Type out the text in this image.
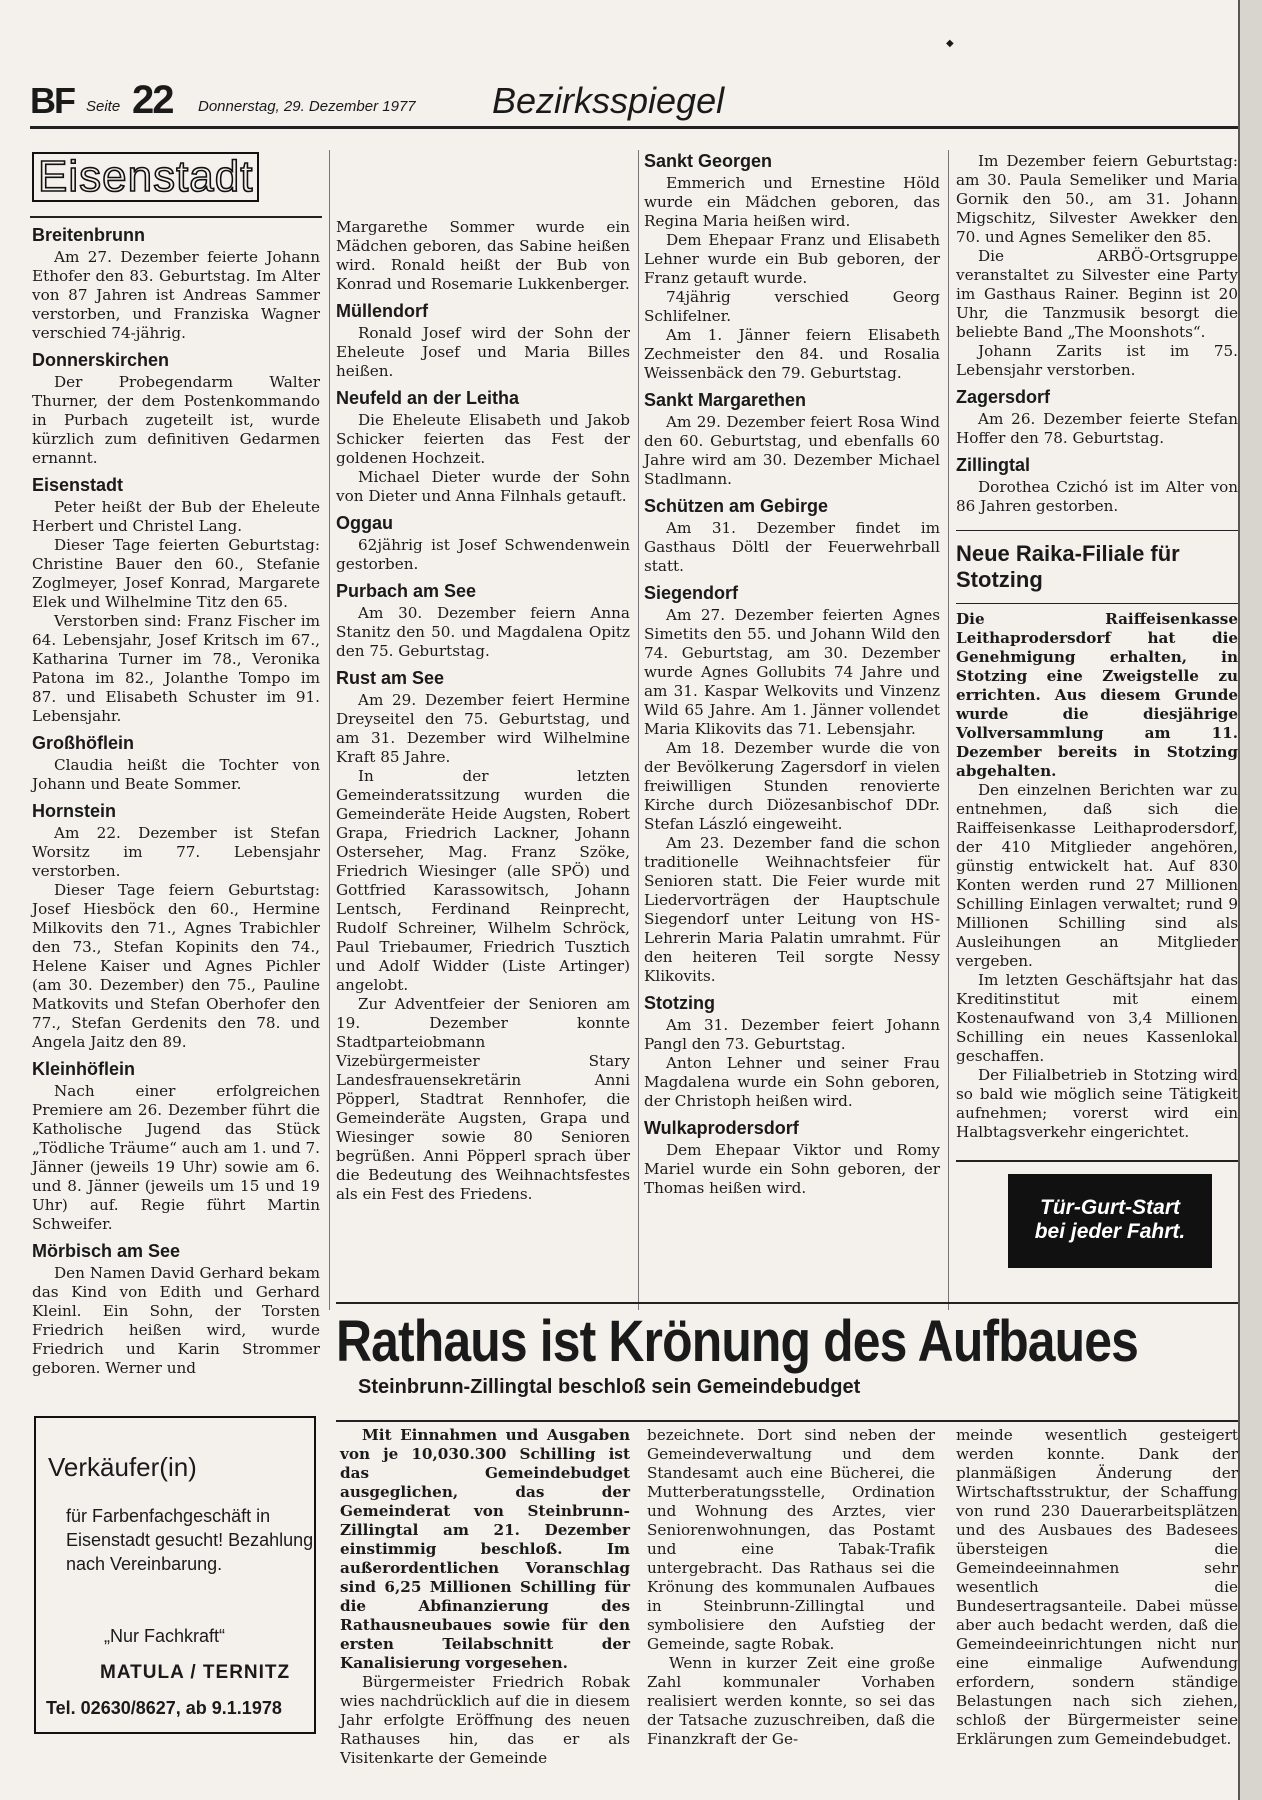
BF Seite 22 Donnerstag, 29. Dezember 1977 Bezirksspiegel
◆
Eisenstadt
Breitenbrunn

Am 27. Dezember feierte Johann Ethofer den 83. Geburtstag. Im Alter von 87 Jahren ist Andreas Sammer verstorben, und Franziska Wagner verschied 74-jährig.

Donnerskirchen

Der Probegendarm Walter Thurner, der dem Postenkommando in Purbach zugeteilt ist, wurde kürzlich zum definitiven Gedarmen ernannt.

Eisenstadt

Peter heißt der Bub der Eheleute Herbert und Christel Lang.

Dieser Tage feierten Geburtstag: Christine Bauer den 60., Stefanie Zoglmeyer, Josef Konrad, Margarete Elek und Wilhelmine Titz den 65.

Verstorben sind: Franz Fischer im 64. Lebensjahr, Josef Kritsch im 67., Katharina Turner im 78., Veronika Patona im 82., Jolanthe Tompo im 87. und Elisabeth Schuster im 91. Lebensjahr.

Großhöflein

Claudia heißt die Tochter von Johann und Beate Sommer.

Hornstein

Am 22. Dezember ist Stefan Worsitz im 77. Lebensjahr verstorben.

Dieser Tage feiern Geburtstag: Josef Hiesböck den 60., Hermine Milkovits den 71., Agnes Trabichler den 73., Stefan Kopinits den 74., Helene Kaiser und Agnes Pichler (am 30. Dezember) den 75., Pauline Matkovits und Stefan Oberhofer den 77., Stefan Gerdenits den 78. und Angela Jaitz den 89.

Kleinhöflein

Nach einer erfolgreichen Premiere am 26. Dezember führt die Katholische Jugend das Stück „Tödliche Träume“ auch am 1. und 7. Jänner (jeweils 19 Uhr) sowie am 6. und 8. Jänner (jeweils um 15 und 19 Uhr) auf. Regie führt Martin Schweifer.

Mörbisch am See

Den Namen David Gerhard bekam das Kind von Edith und Gerhard Kleinl. Ein Sohn, der Torsten Friedrich heißen wird, wurde Friedrich und Karin Strommer geboren. Werner und

Margarethe Sommer wurde ein Mädchen geboren, das Sabine heißen wird. Ronald heißt der Bub von Konrad und Rosemarie Lukkenberger.

Müllendorf

Ronald Josef wird der Sohn der Eheleute Josef und Maria Billes heißen.

Neufeld an der Leitha

Die Eheleute Elisabeth und Jakob Schicker feierten das Fest der goldenen Hochzeit.

Michael Dieter wurde der Sohn von Dieter und Anna Filnhals getauft.

Oggau

62jährig ist Josef Schwendenwein gestorben.

Purbach am See

Am 30. Dezember feiern Anna Stanitz den 50. und Magdalena Opitz den 75. Geburtstag.

Rust am See

Am 29. Dezember feiert Hermine Dreyseitel den 75. Geburtstag, und am 31. Dezember wird Wilhelmine Kraft 85 Jahre.

In der letzten Gemeinderatssitzung wurden die Gemeinderäte Heide Augsten, Robert Grapa, Friedrich Lackner, Johann Osterseher, Mag. Franz Szöke, Friedrich Wiesinger (alle SPÖ) und Gottfried Karassowitsch, Johann Lentsch, Ferdinand Reinprecht, Rudolf Schreiner, Wilhelm Schröck, Paul Triebaumer, Friedrich Tusztich und Adolf Widder (Liste Artinger) angelobt.

Zur Adventfeier der Senioren am 19. Dezember konnte Stadtparteiobmann Vizebürgermeister Stary Landesfrauensekretärin Anni Pöpperl, Stadtrat Rennhofer, die Gemeinderäte Augsten, Grapa und Wiesinger sowie 80 Senioren begrüßen. Anni Pöpperl sprach über die Bedeutung des Weihnachtsfestes als ein Fest des Friedens.

Sankt Georgen

Emmerich und Ernestine Höld wurde ein Mädchen geboren, das Regina Maria heißen wird.

Dem Ehepaar Franz und Elisabeth Lehner wurde ein Bub geboren, der Franz getauft wurde.

74jährig verschied Georg Schlifelner.

Am 1. Jänner feiern Elisabeth Zechmeister den 84. und Rosalia Weissenbäck den 79. Geburtstag.

Sankt Margarethen

Am 29. Dezember feiert Rosa Wind den 60. Geburtstag, und ebenfalls 60 Jahre wird am 30. Dezember Michael Stadlmann.

Schützen am Gebirge

Am 31. Dezember findet im Gasthaus Döltl der Feuerwehrball statt.

Siegendorf

Am 27. Dezember feierten Agnes Simetits den 55. und Johann Wild den 74. Geburtstag, am 30. Dezember wurde Agnes Gollubits 74 Jahre und am 31. Kaspar Welkovits und Vinzenz Wild 65 Jahre. Am 1. Jänner vollendet Maria Klikovits das 71. Lebensjahr.

Am 18. Dezember wurde die von der Bevölkerung Zagersdorf in vielen freiwilligen Stunden renovierte Kirche durch Diözesanbischof DDr. Stefan László eingeweiht.

Am 23. Dezember fand die schon traditionelle Weihnachtsfeier für Senioren statt. Die Feier wurde mit Liedervorträgen der Hauptschule Siegendorf unter Leitung von HS-Lehrerin Maria Palatin umrahmt. Für den heiteren Teil sorgte Nessy Klikovits.

Stotzing

Am 31. Dezember feiert Johann Pangl den 73. Geburtstag.

Anton Lehner und seiner Frau Magdalena wurde ein Sohn geboren, der Christoph heißen wird.

Wulkaprodersdorf

Dem Ehepaar Viktor und Romy Mariel wurde ein Sohn geboren, der Thomas heißen wird.

Im Dezember feiern Geburtstag: am 30. Paula Semeliker und Maria Gornik den 50., am 31. Johann Migschitz, Silvester Awekker den 70. und Agnes Semeliker den 85.

Die ARBÖ-Ortsgruppe veranstaltet zu Silvester eine Party im Gasthaus Rainer. Beginn ist 20 Uhr, die Tanzmusik besorgt die beliebte Band „The Moonshots“.

Johann Zarits ist im 75. Lebensjahr verstorben.

Zagersdorf

Am 26. Dezember feierte Stefan Hoffer den 78. Geburtstag.

Zillingtal

Dorothea Czichó ist im Alter von 86 Jahren gestorben.

Neue Raika-Filiale für Stotzing

Die Raiffeisenkasse Leithaprodersdorf hat die Genehmigung erhalten, in Stotzing eine Zweigstelle zu errichten. Aus diesem Grunde wurde die diesjährige Vollversammlung am 11. Dezember bereits in Stotzing abgehalten.

Den einzelnen Berichten war zu entnehmen, daß sich die Raiffeisenkasse Leithaprodersdorf, der 410 Mitglieder angehören, günstig entwickelt hat. Auf 830 Konten werden rund 27 Millionen Schilling Einlagen verwaltet; rund 9 Millionen Schilling sind als Ausleihungen an Mitglieder vergeben.

Im letzten Geschäftsjahr hat das Kreditinstitut mit einem Kostenaufwand von 3,4 Millionen Schilling ein neues Kassenlokal geschaffen.

Der Filialbetrieb in Stotzing wird so bald wie möglich seine Tätigkeit aufnehmen; vorerst wird ein Halbtagsverkehr eingerichtet.

Tür-Gurt-Start
bei jeder Fahrt.
Rathaus ist Krönung des Aufbaues
Steinbrunn-Zillingtal beschloß sein Gemeindebudget

Mit Einnahmen und Ausgaben von je 10,030.300 Schilling ist das Gemeindebudget ausgeglichen, das der Gemeinderat von Steinbrunn-Zillingtal am 21. Dezember einstimmig beschloß. Im außerordentlichen Voranschlag sind 6,25 Millionen Schilling für die Abfinanzierung des Rathausneubaues sowie für den ersten Teilabschnitt der Kanalisierung vorgesehen.

Bürgermeister Friedrich Robak wies nachdrücklich auf die in diesem Jahr erfolgte Eröffnung des neuen Rathauses hin, das er als Visitenkarte der Gemeinde

bezeichnete. Dort sind neben der Gemeindeverwaltung und dem Standesamt auch eine Bücherei, die Mutterberatungsstelle, Ordination und Wohnung des Arztes, vier Seniorenwohnungen, das Postamt und eine Tabak-Trafik untergebracht. Das Rathaus sei die Krönung des kommunalen Aufbaues in Steinbrunn-Zillingtal und symbolisiere den Aufstieg der Gemeinde, sagte Robak.

Wenn in kurzer Zeit eine große Zahl kommunaler Vorhaben realisiert werden konnte, so sei das der Tatsache zuzuschreiben, daß die Finanzkraft der Ge-

meinde wesentlich gesteigert werden konnte. Dank der planmäßigen Änderung der Wirtschaftsstruktur, der Schaffung von rund 230 Dauerarbeitsplätzen und des Ausbaues des Badesees übersteigen die Gemeindeeinnahmen sehr wesentlich die Bundesertragsanteile. Dabei müsse aber auch bedacht werden, daß die Gemeindeeinrichtungen nicht nur eine einmalige Aufwendung erfordern, sondern ständige Belastungen nach sich ziehen, schloß der Bürgermeister seine Erklärungen zum Gemeindebudget.

Verkäufer(in)
für Farbenfachgeschäft in Eisenstadt gesucht! Bezahlung nach Vereinbarung.
„Nur Fachkraft“
MATULA / TERNITZ
Tel. 02630/8627, ab 9.1.1978
